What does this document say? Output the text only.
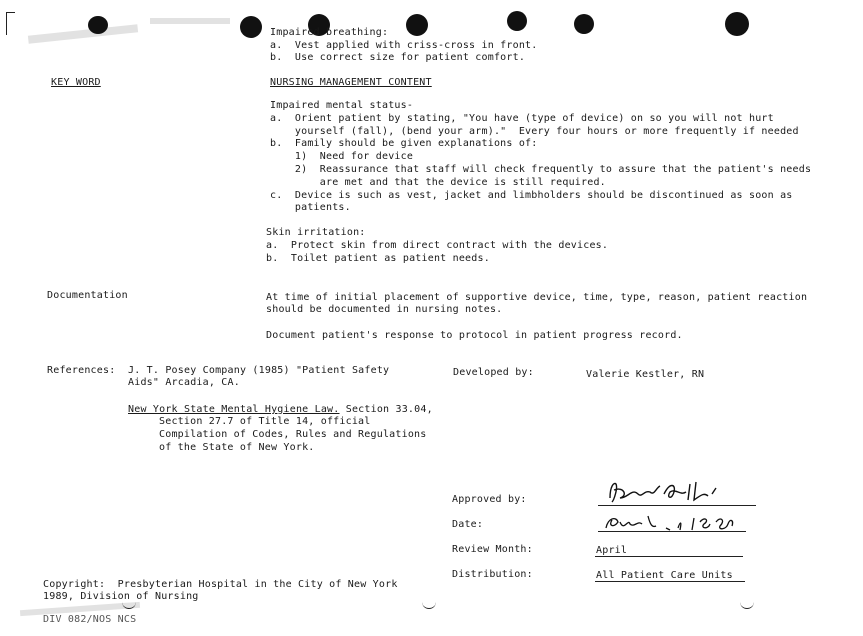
Impaired breathing:
a.  Vest applied with criss-cross in front.
b.  Use correct size for patient comfort.
KEY WORD	NURSING MANAGEMENT CONTENT
Impaired mental status-
a.  Orient patient by stating, "You have (type of device) on so you will not hurt
yourself (fall), (bend your arm)."  Every four hours or more frequently if needed
b.  Family should be given explanations of:
1)  Need for device
2)  Reassurance that staff will check frequently to assure that the patient's needs
are met and that the device is still required.
c.  Device is such as vest, jacket and limbholders should be discontinued as soon as
patients.
Skin irritation:
a.  Protect skin from direct contract with the devices.
b.  Toilet patient as patient needs.
Documentation	At time of initial placement of supportive device, time, type, reason, patient reaction
should be documented in nursing notes.
Document patient's response to protocol in patient progress record.
References: J. T. Posey Company (1985) "Patient Safety
Aids" Arcadia, CA.
New York State Mental Hygiene Law. Section 33.04,
Section 27.7 of Title 14, official
Compilation of Codes, Rules and Regulations
of the State of New York.
Developed by:	Valerie Kestler, RN
Approved by:
Date:
Review Month:	April
Distribution:	All Patient Care Units
Copyright:  Presbyterian Hospital in the City of New York
1989, Division of Nursing
DIV 082/NOS NCS
